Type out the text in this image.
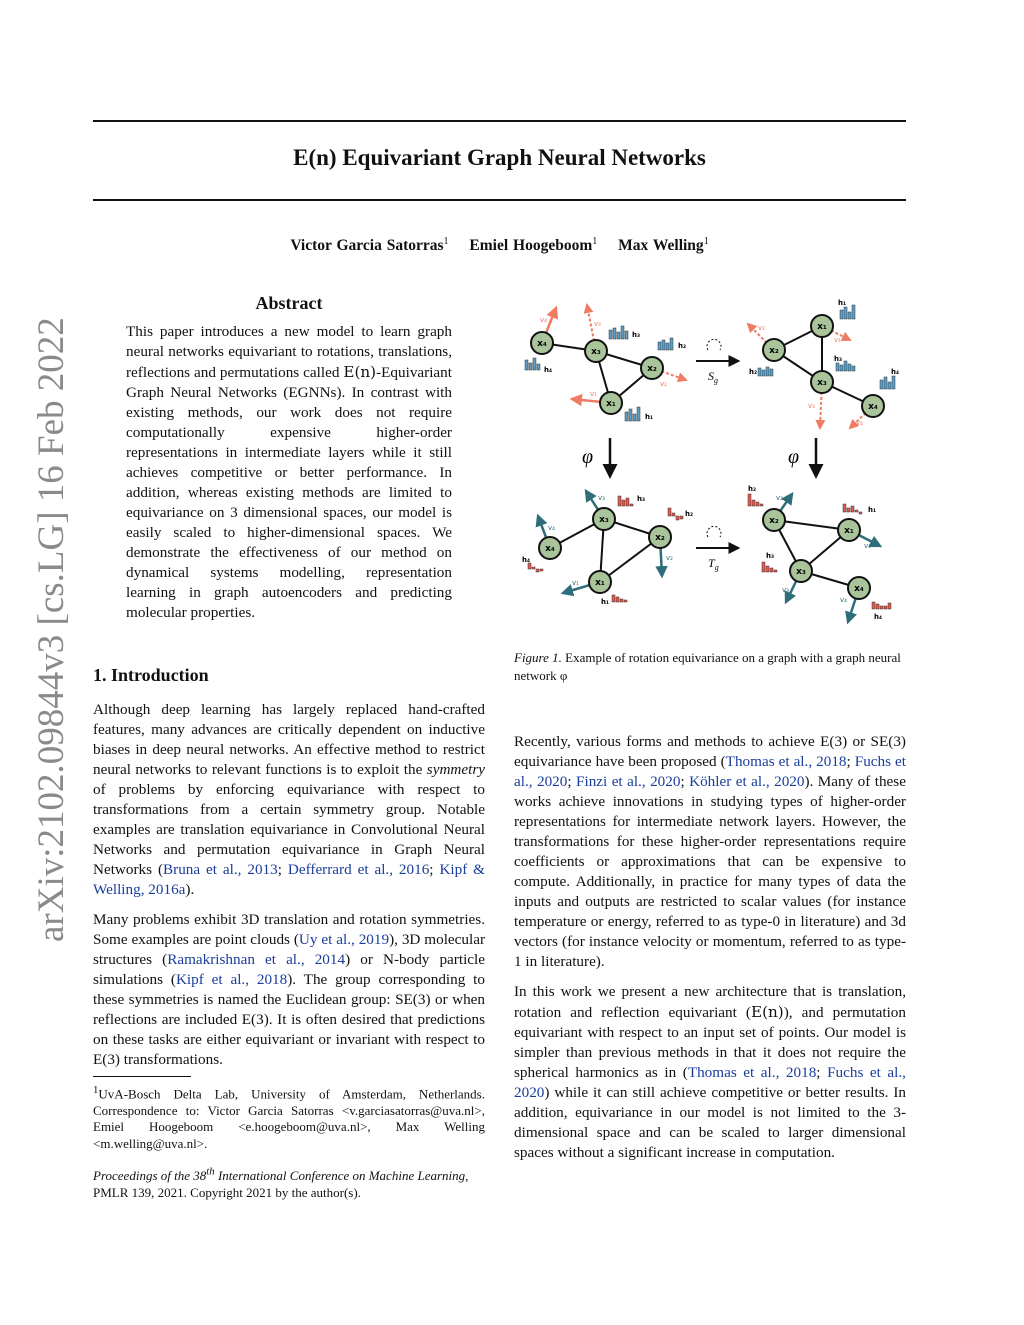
E(n) Equivariant Graph Neural Networks
Victor Garcia Satorras$^1$ Emiel Hoogeboom$^1$ Max Welling$^1$
arXiv:2102.09844v3 [cs.LG] 16 Feb 2022
Abstract
This paper introduces a new model to learn graph neural networks equivariant to rotations, translations, reflections and permutations called E(n)-Equivariant Graph Neural Networks (EGNNs). In contrast with existing methods, our work does not require computationally expensive higher-order representations in intermediate layers while it still achieves competitive or better performance. In addition, whereas existing methods are limited to equivariance on 3 dimensional spaces, our model is easily scaled to higher-dimensional spaces. We demonstrate the effectiveness of our method on dynamical systems modelling, representation learning in graph autoencoders and predicting molecular properties.
1. Introduction

Although deep learning has largely replaced hand-crafted features, many advances are critically dependent on inductive biases in deep neural networks. An effective method to restrict neural networks to relevant functions is to exploit the symmetry of problems by enforcing equivariance with respect to transformations from a certain symmetry group. Notable examples are translation equivariance in Convolutional Neural Networks and permutation equivariance in Graph Neural Networks (Bruna et al., 2013; Defferrard et al., 2016; Kipf & Welling, 2016a).

Many problems exhibit 3D translation and rotation symmetries. Some examples are point clouds (Uy et al., 2019), 3D molecular structures (Ramakrishnan et al., 2014) or N-body particle simulations (Kipf et al., 2018). The group corresponding to these symmetries is named the Euclidean group: SE(3) or when reflections are included E(3). It is often desired that predictions on these tasks are either equivariant or invariant with respect to E(3) transformations.

$^1$UvA-Bosch Delta Lab, University of Amsterdam, Netherlands. Correspondence to: Victor Garcia Satorras <v.garciasatorras@uva.nl>, Emiel Hoogeboom <e.hoogeboom@uva.nl>, Max Welling <m.welling@uva.nl>.
Proceedings of the 38th International Conference on Machine Learning, PMLR 139, 2021. Copyright 2021 by the author(s).
x₄
x₃
x₂
x₁
v₄	v₃
v₂
v₁
h₃
h₂
h₄
h₁
$S_g$
x₂
x₁
x₃
x₄
v₂
v₁
v₃
v₄
h₁
h₂
h₃
h₄
φ	φ
x₄
x₃
x₂
x₁
v₄
v₃
v₂
v₁
h₃
h₂
h₄
h₁
$T_g$
x₂
x₁
x₃
x₄
v₂
v₁
v₃
v₄
h₂
h₁
h₃
h₄
Figure 1. Example of rotation equivariance on a graph with a graph neural network φ

Recently, various forms and methods to achieve E(3) or SE(3) equivariance have been proposed (Thomas et al., 2018; Fuchs et al., 2020; Finzi et al., 2020; Köhler et al., 2020). Many of these works achieve innovations in studying types of higher-order representations for intermediate network layers. However, the transformations for these higher-order representations require coefficients or approximations that can be expensive to compute. Additionally, in practice for many types of data the inputs and outputs are restricted to scalar values (for instance temperature or energy, referred to as type-0 in literature) and 3d vectors (for instance velocity or momentum, referred to as type-1 in literature).

In this work we present a new architecture that is translation, rotation and reflection equivariant (E(n)), and permutation equivariant with respect to an input set of points. Our model is simpler than previous methods in that it does not require the spherical harmonics as in (Thomas et al., 2018; Fuchs et al., 2020) while it can still achieve competitive or better results. In addition, equivariance in our model is not limited to the 3-dimensional space and can be scaled to larger dimensional spaces without a significant increase in computation.
